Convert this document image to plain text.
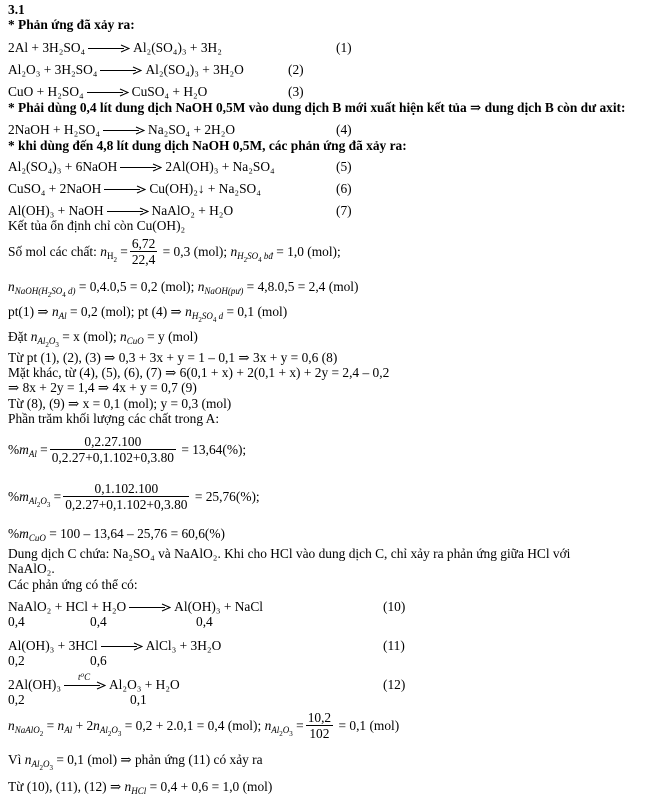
3.1
* Phản ứng đã xảy ra:
2Al + 3H₂SO₄	Al₂(SO₄)₃ + 3H₂	(1)
Al₂O₃ + 3H₂SO₄	Al₂(SO₄)₃ + 3H₂O	(2)
CuO + H₂SO₄	CuSO₄ + H₂O	(3)
* Phải dùng 0,4 lít dung dịch NaOH 0,5M vào dung dịch B mới xuất hiện kết tủa ⇒ dung dịch B còn dư axit:
2NaOH + H₂SO₄	Na₂SO₄ + 2H₂O	(4)
* khi dùng đến 4,8 lít dung dịch NaOH 0,5M, các phản ứng đã xảy ra:
Al₂(SO₄)₃ + 6NaOH	2Al(OH)₃ + Na₂SO₄	(5)
CuSO₄ + 2NaOH	Cu(OH)₂↓ + Na₂SO₄	(6)
Al(OH)₃ + NaOH	NaAlO₂ + H₂O	(7)
Kết tủa ổn định chỉ còn Cu(OH)₂
Số mol các chất: $n_{H_2} = \frac{6,72}{22,4} = 0,3$ (mol); $n_{H_2SO_4 bđ} = 1,0$ (mol);
$n_{NaOH(H_2SO_4 d)} = 0,4.0,5 = 0,2$ (mol); $n_{NaOH(pư)} = 4,8.0,5 = 2,4$ (mol)
pt(1) ⇒ $n_{Al} = 0,2$ (mol); pt (4) ⇒ $n_{H_2SO_4 d} = 0,1$ (mol)
Đặt $n_{Al_2O_3} = x$ (mol); $n_{CuO} = y$ (mol)
Từ pt (1), (2), (3) ⇒ 0,3 + 3x + y = 1 – 0,1 ⇒ 3x + y = 0,6 (8)
Mặt khác, từ (4), (5), (6), (7) ⇒ 6(0,1 + x) + 2(0,1 + x) + 2y = 2,4 – 0,2
⇒ 8x + 2y = 1,4 ⇒ 4x + y = 0,7 (9)
Từ (8), (9) ⇒ x = 0,1 (mol); y = 0,3 (mol)
Phần trăm khối lượng các chất trong A:
$\%m_{Al} = \frac{0,2.27.100}{0,2.27+0,1.102+0,3.80} = 13,64(\%)$;
$\%m_{Al_2O_3} = \frac{0,1.102.100}{0,2.27+0,1.102+0,3.80} = 25,76(\%)$;
$\%m_{CuO} = 100 - 13,64 - 25,76 = 60,6(\%)$
Dung dịch C chứa: Na₂SO₄ và NaAlO₂. Khi cho HCl vào dung dịch C, chỉ xảy ra phản ứng giữa HCl với
NaAlO₂.
Các phản ứng có thể có:
NaAlO₂ + HCl + H₂O	Al(OH)₃ + NaCl	(10)
0,4	0,4	0,4
Al(OH)₃ + 3HCl	AlCl₃ + 3H₂O	(11)
0,2	0,6
2Al(OH)₃ t⁰C Al₂O₃ + H₂O	(12)
0,2	0,1
$n_{NaAlO_2} = n_{Al} + 2n_{Al_2O_3} = 0,2 + 2.0,1 = 0,4$ (mol); $n_{Al_2O_3} = \frac{10,2}{102} = 0,1$ (mol)
Vì $n_{Al_2O_3} = 0,1$ (mol) ⇒ phản ứng (11) có xảy ra
Từ (10), (11), (12) ⇒ $n_{HCl} = 0,4 + 0,6 = 1,0$ (mol)
